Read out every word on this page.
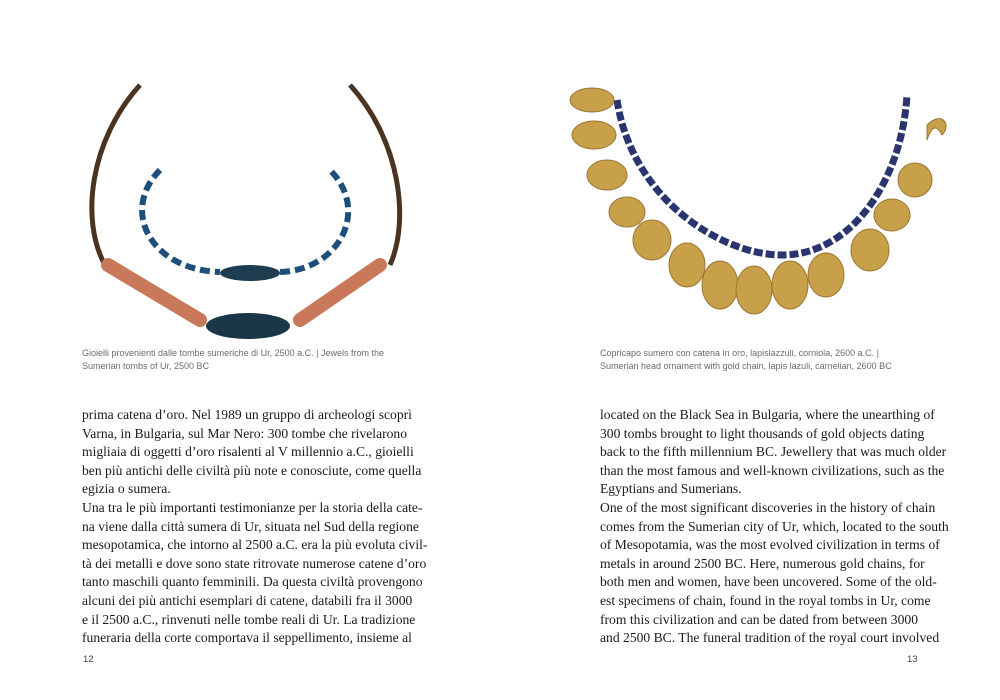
Gioielli provenienti dalle tombe sumeriche di Ur, 2500 a.C. | Jewels from the
Sumerian tombs of Ur, 2500 BC
prima catena d’oro. Nel 1989 un gruppo di archeologi scoprì
Varna, in Bulgaria, sul Mar Nero: 300 tombe che rivelarono
migliaia di oggetti d’oro risalenti al V millennio a.C., gioielli
ben più antichi delle civiltà più note e conosciute, come quella
egizia o sumera.
Una tra le più importanti testimonianze per la storia della cate-
na viene dalla città sumera di Ur, situata nel Sud della regione
mesopotamica, che intorno al 2500 a.C. era la più evoluta civil-
tà dei metalli e dove sono state ritrovate numerose catene d’oro
tanto maschili quanto femminili. Da questa civiltà provengono
alcuni dei più antichi esemplari di catene, databili fra il 3000
e il 2500 a.C., rinvenuti nelle tombe reali di Ur. La tradizione
funeraria della corte comportava il seppellimento, insieme al
12
Copricapo sumero con catena in oro, lapislazzuli, corniola, 2600 a.C. |
Sumerian head ornament with gold chain, lapis lazuli, carnelian, 2600 BC
located on the Black Sea in Bulgaria, where the unearthing of
300 tombs brought to light thousands of gold objects dating
back to the fifth millennium BC. Jewellery that was much older
than the most famous and well-known civilizations, such as the
Egyptians and Sumerians.
One of the most significant discoveries in the history of chain
comes from the Sumerian city of Ur, which, located to the south
of Mesopotamia, was the most evolved civilization in terms of
metals in around 2500 BC. Here, numerous gold chains, for
both men and women, have been uncovered. Some of the old-
est specimens of chain, found in the royal tombs in Ur, come
from this civilization and can be dated from between 3000
and 2500 BC. The funeral tradition of the royal court involved
13
